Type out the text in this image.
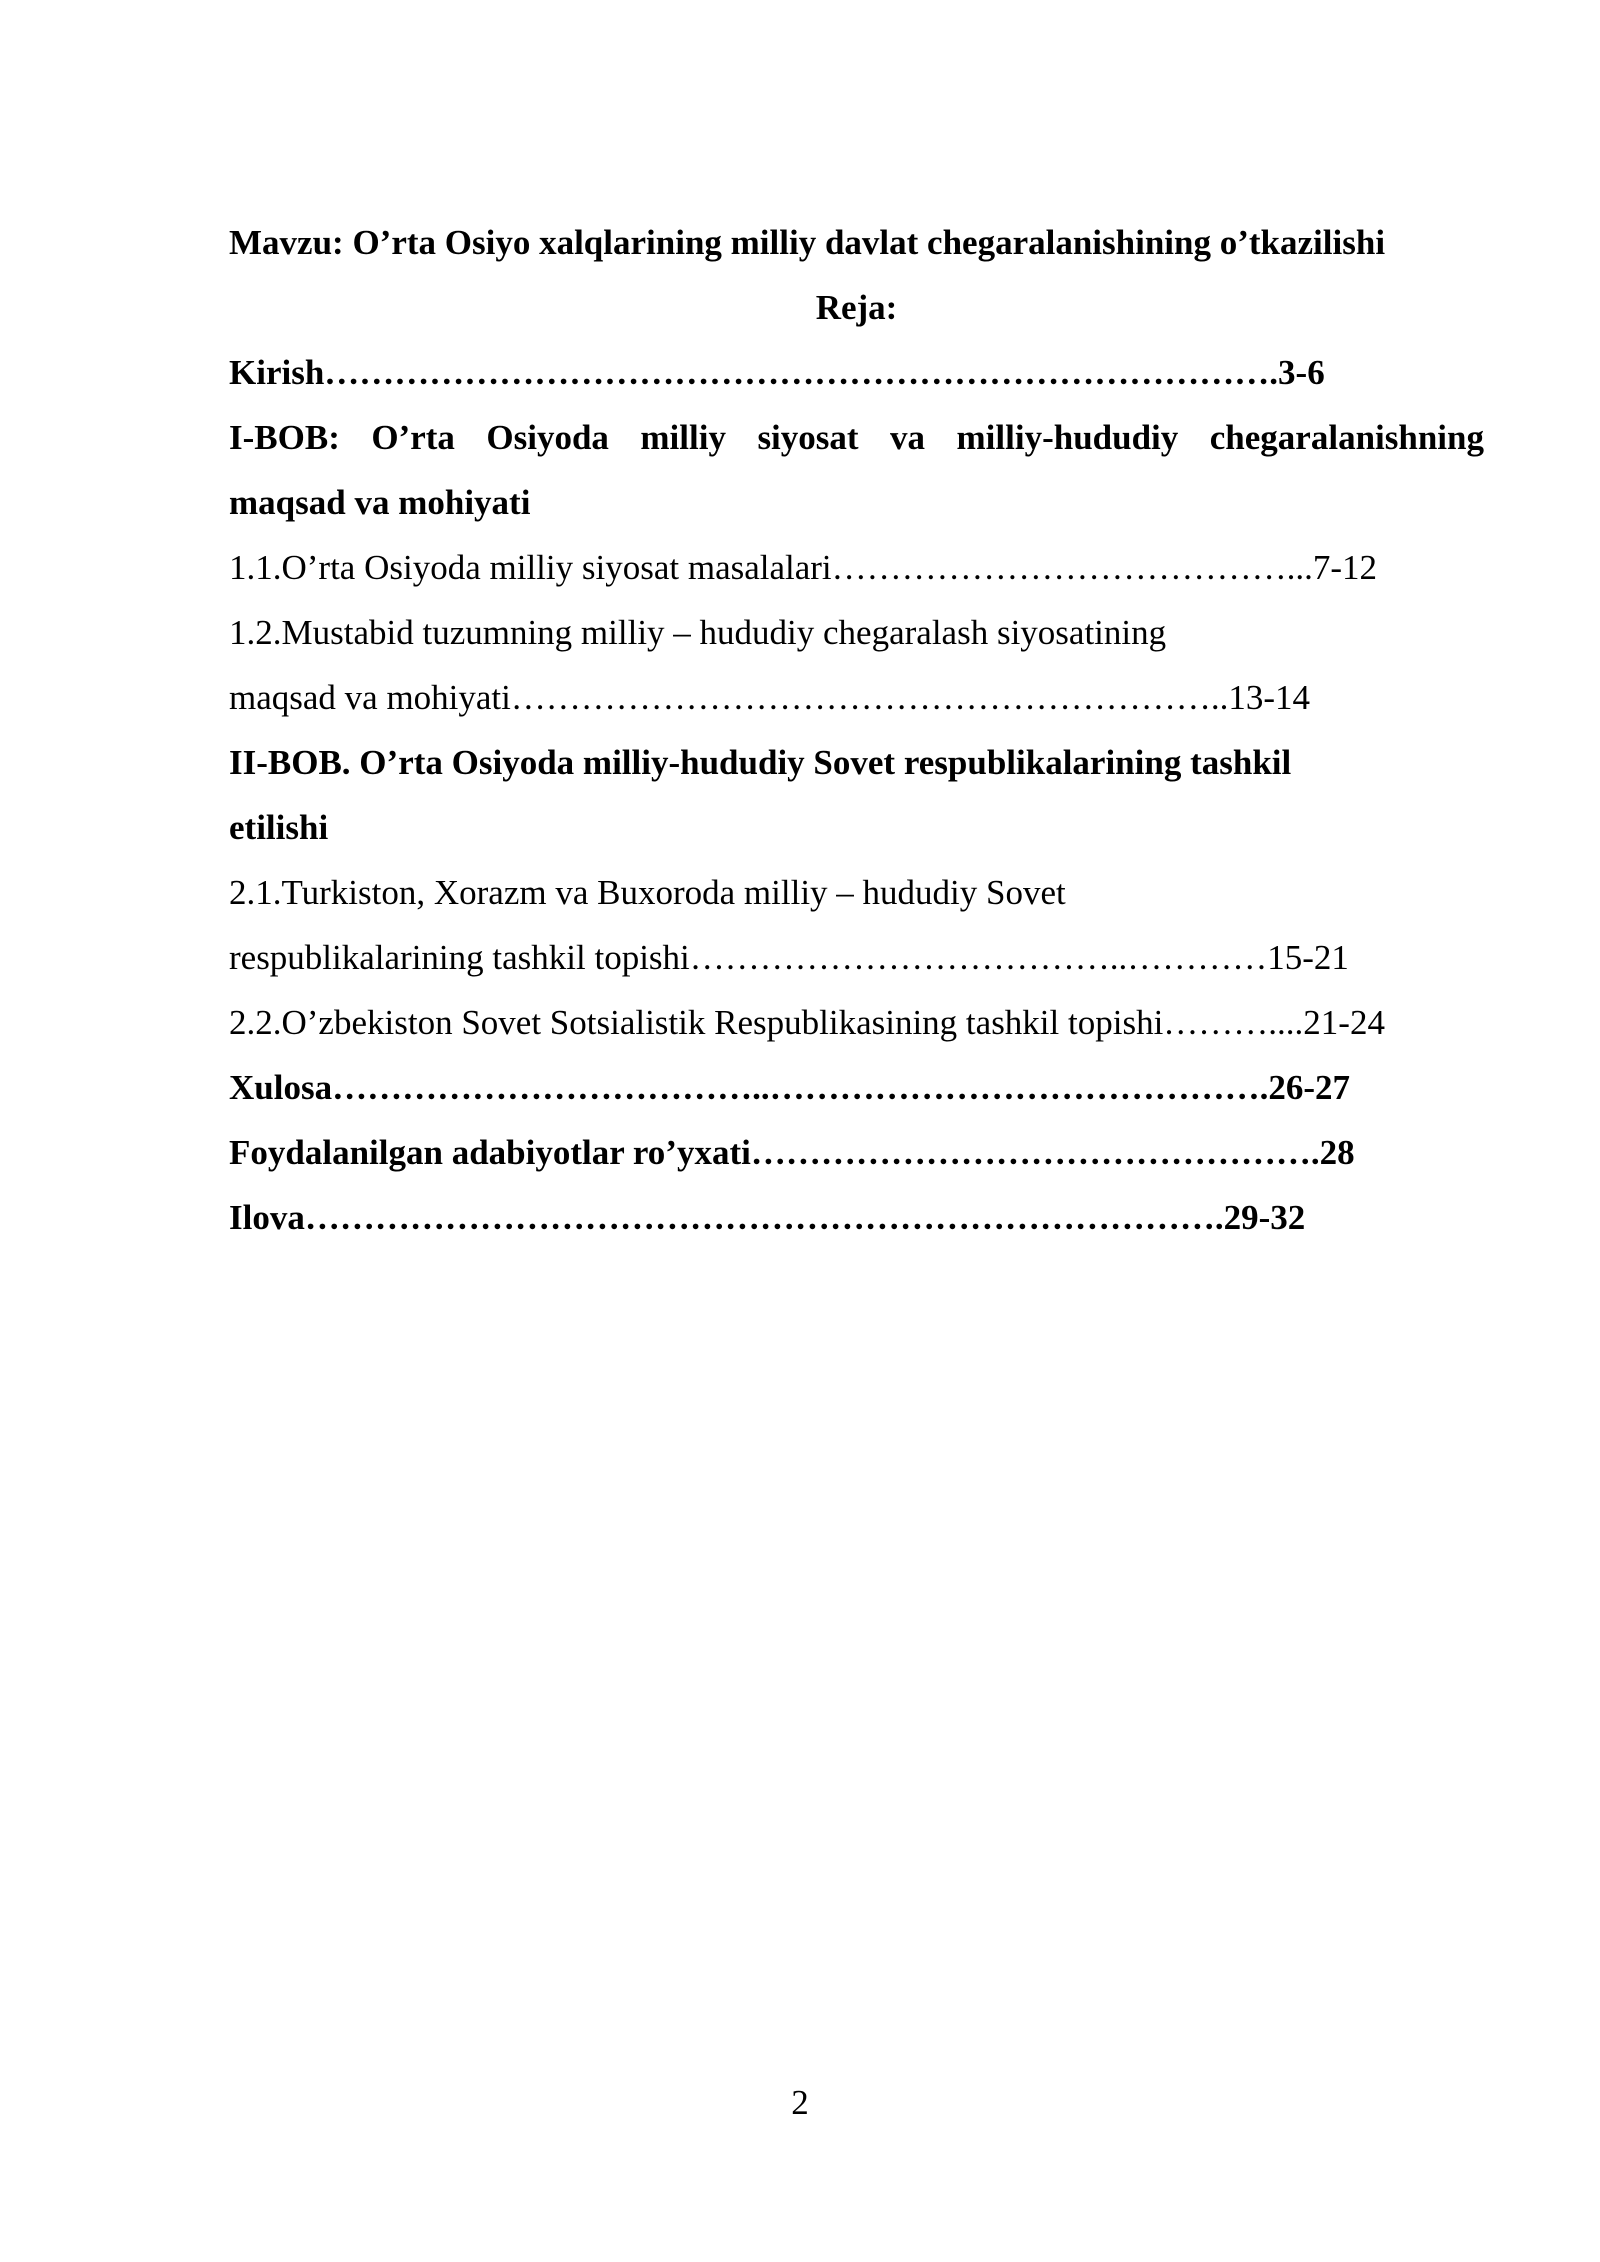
Mavzu: O’rta Osiyo xalqlarining milliy davlat chegaralanishining o’tkazilishi
Reja:
Kirish……………………………………………………………………….3-6
I-BOB: O’rta Osiyoda milliy siyosat va milliy-hududiy chegaralanishning
maqsad va mohiyati
1.1.O’rta Osiyoda milliy siyosat masalalari…………………………………...7-12
1.2.Mustabid tuzumning milliy – hududiy chegaralash siyosatining
maqsad va mohiyati……………………………………………………..13-14
II-BOB. O’rta Osiyoda milliy-hududiy Sovet respublikalarining tashkil
etilishi
2.1.Turkiston, Xorazm va Buxoroda milliy – hududiy Sovet
respublikalarining tashkil topishi………………………………..…………15-21
2.2.O’zbekiston Sovet Sotsialistik Respublikasining tashkil topishi………....21-24
Xulosa………………………………..…………………………………….26-27
Foydalanilgan adabiyotlar ro’yxati………………………………………….28
Ilova…………………………………………………………………….29-32
2
